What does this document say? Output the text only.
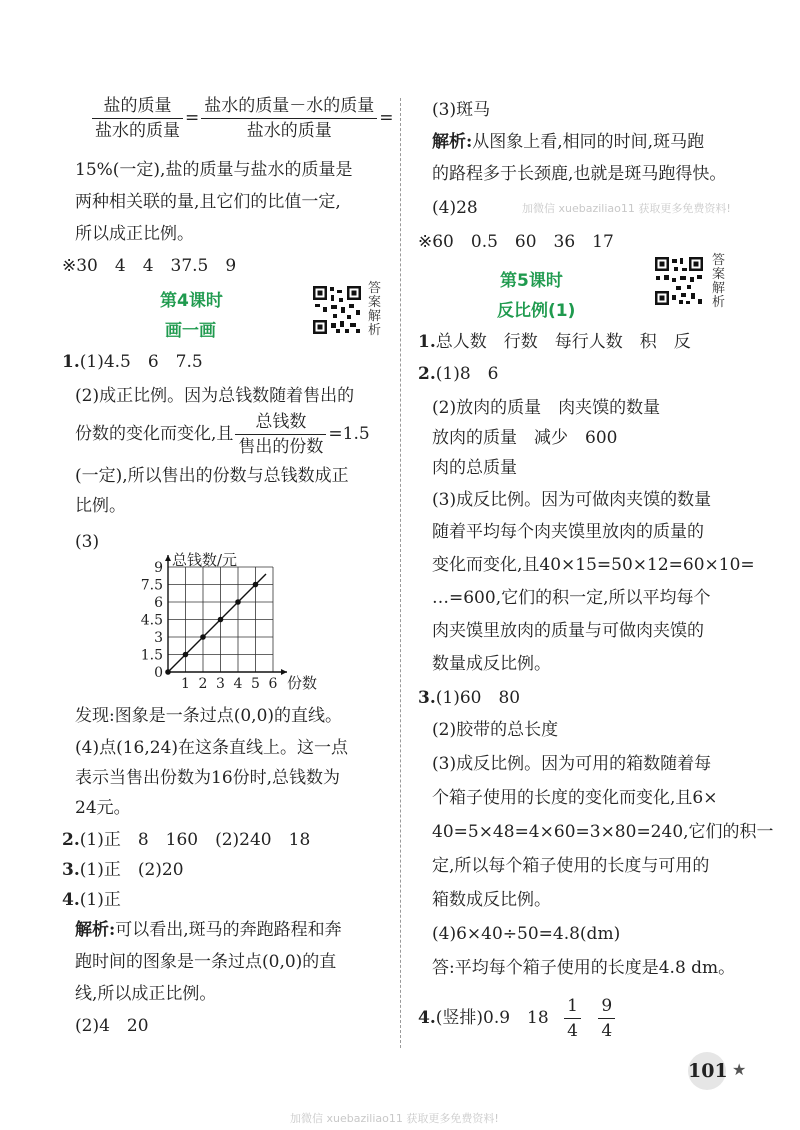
$\frac{\text{盐的质量}}{\text{盐水的质量}} = \frac{\text{盐水的质量－水的质量}}{\text{盐水的质量}}$ =
15%(一定),盐的质量与盐水的质量是
两种相关联的量,且它们的比值一定,
所以成正比例。
※30　4　4　37.5　9
第4课时
画一画
答案解析
1.(1)4.5　6　7.5
(2)成正比例。因为总钱数随着售出的
份数的变化而变化,且 $\frac{\text{总钱数}}{\text{售出的份数}} =1.5$
(一定),所以售出的份数与总钱数成正
比例。
(3)
1 2 3 4 5 6
0
1.5
3
4.5
6
7.5
9 总钱数/元
份数
发现:图象是一条过点(0,0)的直线。
(4)点(16,24)在这条直线上。这一点
表示当售出份数为16份时,总钱数为
24元。
2.(1)正　8　160　(2)240　18
3.(1)正　(2)20
4.(1)正
解析:可以看出,斑马的奔跑路程和奔
跑时间的图象是一条过点(0,0)的直
线,所以成正比例。
(2)4　20
(3)斑马
解析:从图象上看,相同的时间,斑马跑
的路程多于长颈鹿,也就是斑马跑得快。
(4)28	加微信 xuebaziliao11 获取更多免费资料!
※60　0.5　60　36　17
第5课时
反比例(1)
答案解析
1.总人数　行数　每行人数　积　反
2.(1)8　6
(2)放肉的质量　肉夹馍的数量
放肉的质量　减少　600
肉的总质量
(3)成反比例。因为可做肉夹馍的数量
随着平均每个肉夹馍里放肉的质量的
变化而变化,且40×15=50×12=60×10=
…=600,它们的积一定,所以平均每个
肉夹馍里放肉的质量与可做肉夹馍的
数量成反比例。
3.(1)60　80
(2)胶带的总长度
(3)成反比例。因为可用的箱数随着每
个箱子使用的长度的变化而变化,且6×
40=5×48=4×60=3×80=240,它们的积一
定,所以每个箱子使用的长度与可用的
箱数成反比例。
(4)6×40÷50=4.8(dm)
答:平均每个箱子使用的长度是4.8 dm。
4.(竖排)0.9　$18 \frac{1}{4}$
$\frac{9}{4}$
101 ★
加微信 xuebaziliao11 获取更多免费资料!
